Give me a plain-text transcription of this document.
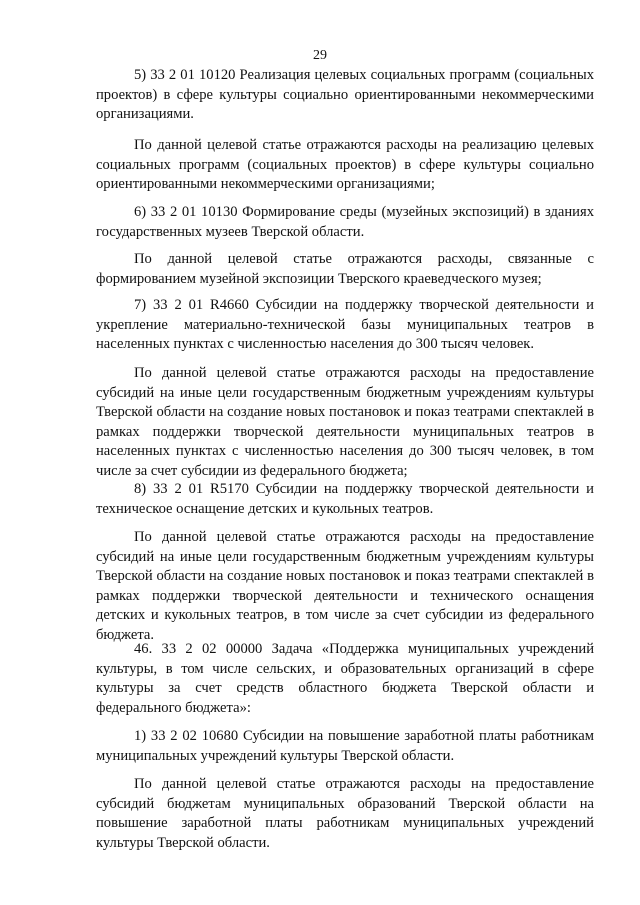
29

5) 33 2 01 10120 Реализация целевых социальных программ (социальных проектов) в сфере культуры социально ориентированными некоммерческими организациями.

По данной целевой статье отражаются расходы на реализацию целевых социальных программ (социальных проектов) в сфере культуры социально ориентированными некоммерческими организациями;

6) 33 2 01 10130 Формирование среды (музейных экспозиций) в зданиях государственных музеев Тверской области.

По данной целевой статье отражаются расходы, связанные с формированием музейной экспозиции Тверского краеведческого музея;

7) 33 2 01 R4660 Субсидии на поддержку творческой деятельности и укрепление материально-технической базы муниципальных театров в населенных пунктах с численностью населения до 300 тысяч человек.

По данной целевой статье отражаются расходы на предоставление субсидий на иные цели государственным бюджетным учреждениям культуры Тверской области на создание новых постановок и показ театрами спектаклей в рамках поддержки творческой деятельности муниципальных театров в населенных пунктах с численностью населения до 300 тысяч человек, в том числе за счет субсидии из федерального бюджета;

8) 33 2 01 R5170 Субсидии на поддержку творческой деятельности и техническое оснащение детских и кукольных театров.

По данной целевой статье отражаются расходы на предоставление субсидий на иные цели государственным бюджетным учреждениям культуры Тверской области на создание новых постановок и показ театрами спектаклей в рамках поддержки творческой деятельности и технического оснащения детских и кукольных театров, в том числе за счет субсидии из федерального бюджета.

46. 33 2 02 00000 Задача «Поддержка муниципальных учреждений культуры, в том числе сельских, и образовательных организаций в сфере культуры за счет средств областного бюджета Тверской области и федерального бюджета»:

1) 33 2 02 10680 Субсидии на повышение заработной платы работникам муниципальных учреждений культуры Тверской области.

По данной целевой статье отражаются расходы на предоставление субсидий бюджетам муниципальных образований Тверской области на повышение заработной платы работникам муниципальных учреждений культуры Тверской области.
